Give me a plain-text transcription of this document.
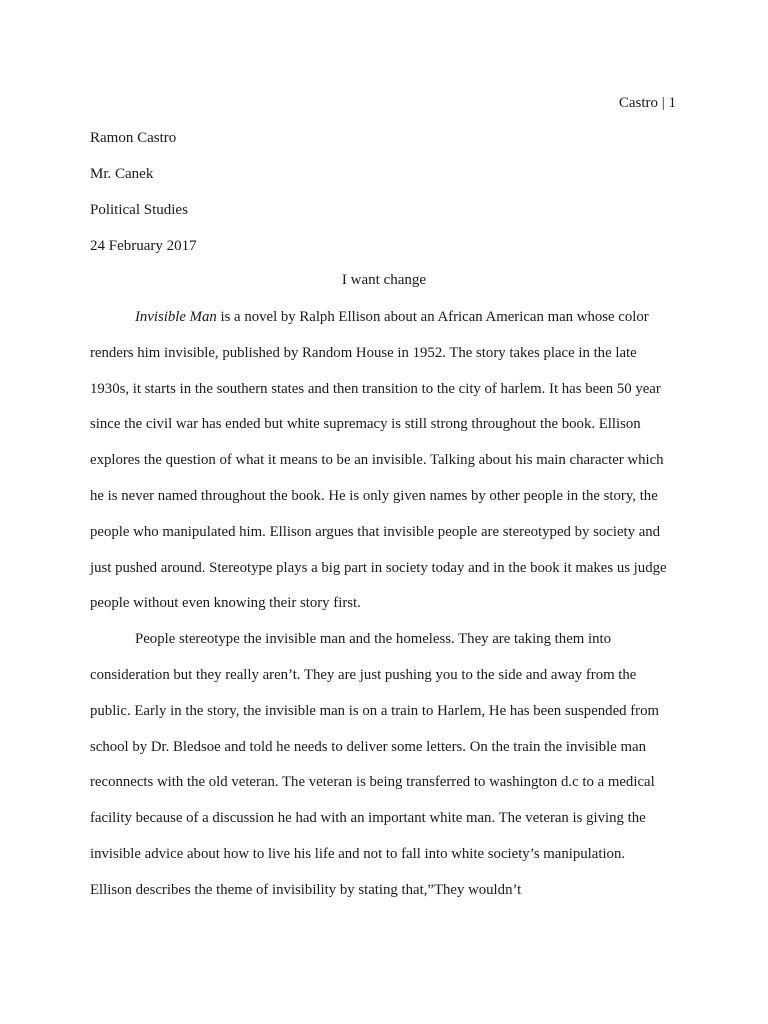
Castro | 1
Ramon Castro
Mr. Canek
Political Studies
24 February 2017
I want change
Invisible Man is a novel by Ralph Ellison about an African American man whose color
renders him invisible, published by Random House in 1952. The story takes place in the late
1930s, it starts in the southern states and then transition to the city of harlem. It has been 50 year
since the civil war has ended but white supremacy is still strong throughout the book. Ellison
explores the question of what it means to be an invisible. Talking about his main character which
he is never named throughout the book. He is only given names by other people in the story, the
people who manipulated him. Ellison argues that invisible people are stereotyped by society and
just pushed around. Stereotype plays a big part in society today and in the book it makes us judge
people without even knowing their story first.
People stereotype the invisible man and the homeless. They are taking them into
consideration but they really aren’t. They are just pushing you to the side and away from the
public. Early in the story, the invisible man is on a train to Harlem, He has been suspended from
school by Dr. Bledsoe and told he needs to deliver some letters. On the train the invisible man
reconnects with the old veteran. The veteran is being transferred to washington d.c to a medical
facility because of a discussion he had with an important white man. The veteran is giving the
invisible advice about how to live his life and not to fall into white society’s manipulation.
Ellison describes the theme of invisibility by stating that,”They wouldn’t
